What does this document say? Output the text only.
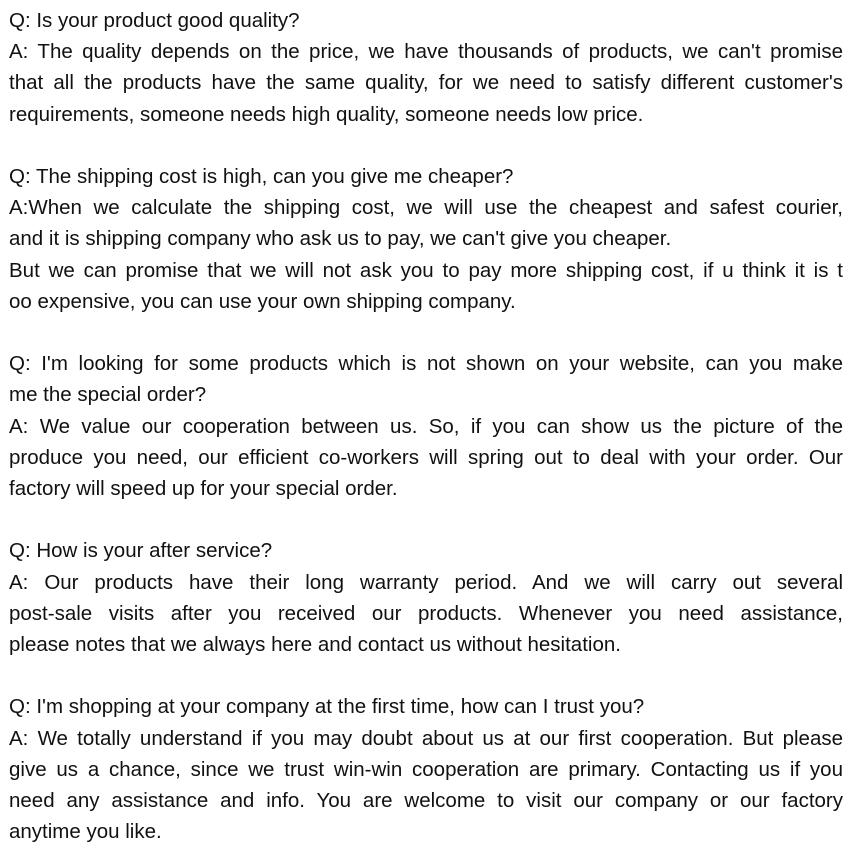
Q: Is your product good quality?
A: The quality depends on the price, we have thousands of products, we can't promise
that all the products have the same quality, for we need to satisfy different customer's
requirements, someone needs high quality, someone needs low price.
Q: The shipping cost is high, can you give me cheaper?
A:When we calculate the shipping cost, we will use the cheapest and safest courier,
and it is shipping company who ask us to pay, we can't give you cheaper.
But we can promise that we will not ask you to pay more shipping cost, if u think it is t
oo expensive, you can use your own shipping company.
Q: I'm looking for some products which is not shown on your website, can you make
me the special order?
A: We value our cooperation between us. So, if you can show us the picture of the
produce you need, our efficient co-workers will spring out to deal with your order. Our
factory will speed up for your special order.
Q: How is your after service?
A: Our products have their long warranty period. And we will carry out several
post-sale visits after you received our products. Whenever you need assistance,
please notes that we always here and contact us without hesitation.
Q: I'm shopping at your company at the first time, how can I trust you?
A: We totally understand if you may doubt about us at our first cooperation. But please
give us a chance, since we trust win-win cooperation are primary. Contacting us if you
need any assistance and info. You are welcome to visit our company or our factory
anytime you like.
